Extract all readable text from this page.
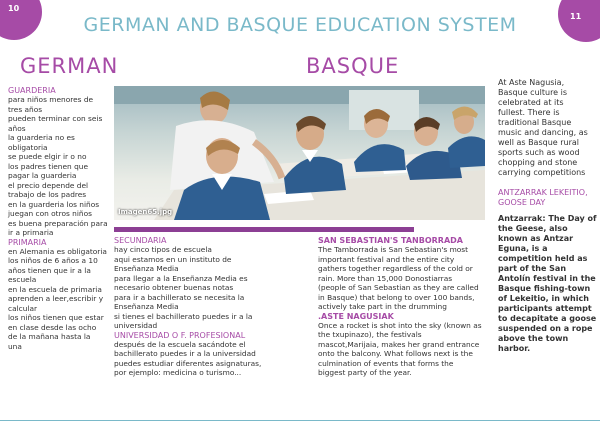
10
11
GERMAN AND BASQUE EDUCATION SYSTEM
GERMAN	BASQUE
GUARDERIA
para niños menores de
tres años
pueden terminar con seis
años
la guarderia no es
obligatoria
se puede elgir ir o no
los padres tienen que
pagar la guarderia
el precio depende del
trabajo de los padres
en la guarderia los niños
juegan con otros niños
es buena preparación para
ir a primaria
PRIMARIA
en Alemania es obligatoria
los niños de 6 años a 10
años tienen que ir a la
escuela
en la escuela de primaria
aprenden a leer,escribir y
calcular
los niños tienen que estar
en clase desde las ocho
de la mañana hasta la
una
Imagen65.jpg
SECUNDARIA
hay cinco tipos de escuela
aqui estamos en un instituto de
Enseñanza Media
para llegar a la Enseñanza Media es
necesario obtener buenas notas
para ir a bachillerato se necesita la
Enseñanza Media
si tienes el bachillerato puedes ir a la
universidad
UNIVERSIDAD O F. PROFESIONAL
después de la escuela sacándote el
bachillerato puedes ir a la universidad
puedes estudiar diferentes asignaturas,
por ejemplo: medicina o turismo...
SAN SEBASTIAN'S TANBORRADA
The Tamborrada is San Sebastian's most
important festival and the entire city
gathers together regardless of the cold or
rain. More than 15,000 Donostiarras
(people of San Sebastian as they are called
in Basque) that belong to over 100 bands,
actively take part in the drumming
.ASTE NAGUSIAK
Once a rocket is shot into the sky (known as
the txupinazo), the festivals
mascot,Marijaia, makes her grand entrance
onto the balcony. What follows next is the
culmination of events that forms the
biggest party of the year.
At Aste Nagusia,
Basque culture is
celebrated at its
fullest. There is
traditional Basque
music and dancing, as
well as Basque rural
sports such as wood
chopping and stone
carrying competitions
ANTZARRAK LEKEITIO,
GOOSE DAY
Antzarrak: The Day of
the Geese, also
known as Antzar
Eguna, is a
competition held as
part of the San
Antolín festival in the
Basque fishing-town
of Lekeitio, in which
participants attempt
to decapitate a goose
suspended on a rope
above the town
harbor.
